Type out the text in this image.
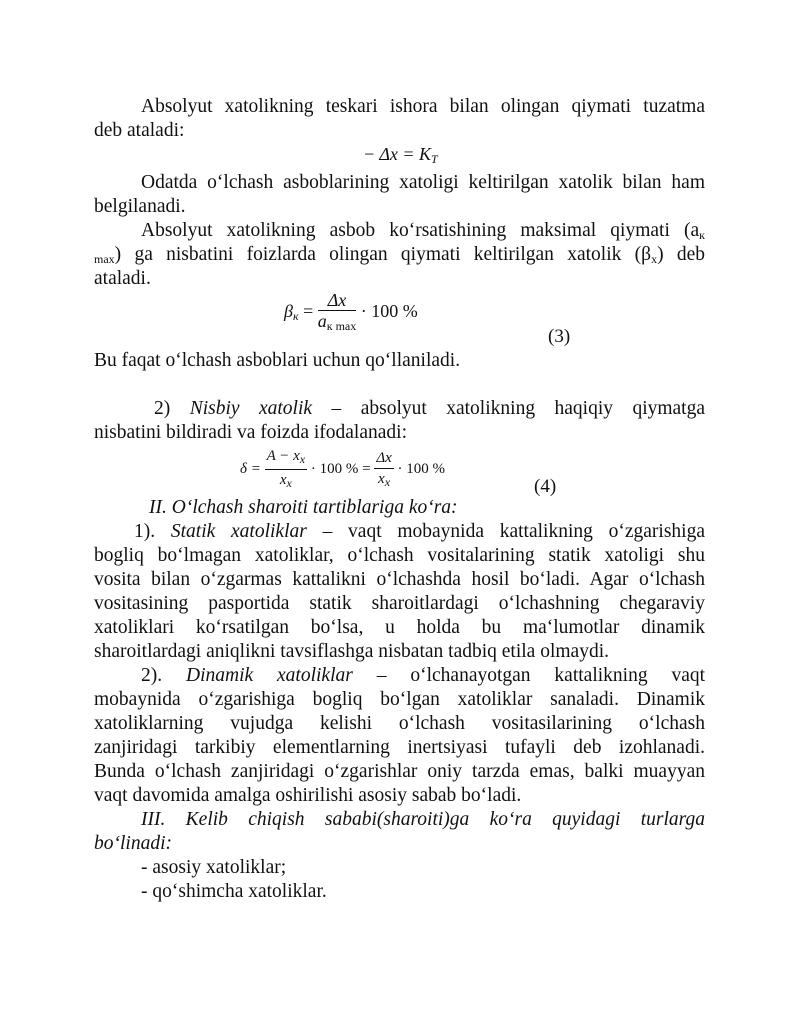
Absolyut xatolikning teskari ishora bilan olingan qiymati tuzatma
deb ataladi:
− $\Delta x = K_T$
Odatda o‘lchash asboblarining xatoligi keltirilgan xatolik bilan ham
belgilanadi.
Absolyut xatolikning asbob ko‘rsatishining maksimal qiymati ($a_к$
$_{max}$) ga nisbatini foizlarda olingan qiymati keltirilgan xatolik $(\beta_x)$ deb
ataladi.
$\beta_к = \frac{\Delta x}{a_{к max}} \cdot 100$ %
(3)
Bu faqat o‘lchash asboblari uchun qo‘llaniladi.
2) Nisbiy xatolik – absolyut xatolikning haqiqiy qiymatga
nisbatini bildiradi va foizda ifodalanadi:
$\delta = \frac{A - x_x}{x_x} \cdot 100$ % = $\frac{\Delta x}{x_x} \cdot 100$ %
(4)
II. O‘lchash sharoiti tartiblariga ko‘ra:
1). Statik xatoliklar – vaqt mobaynida kattalikning o‘zgarishiga
bogliq bo‘lmagan xatoliklar, o‘lchash vositalarining statik xatoligi shu
vosita bilan o‘zgarmas kattalikni o‘lchashda hosil bo‘ladi. Agar o‘lchash
vositasining pasportida statik sharoitlardagi o‘lchashning chegaraviy
xatoliklari ko‘rsatilgan bo‘lsa, u holda bu ma‘lumotlar dinamik
sharoitlardagi aniqlikni tavsiflashga nisbatan tadbiq etila olmaydi.
2). Dinamik xatoliklar – o‘lchanayotgan kattalikning vaqt
mobaynida o‘zgarishiga bogliq bo‘lgan xatoliklar sanaladi. Dinamik
xatoliklarning vujudga kelishi o‘lchash vositasilarining o‘lchash
zanjiridagi tarkibiy elementlarning inertsiyasi tufayli deb izohlanadi.
Bunda o‘lchash zanjiridagi o‘zgarishlar oniy tarzda emas, balki muayyan
vaqt davomida amalga oshirilishi asosiy sabab bo‘ladi.
III. Kelib chiqish sababi(sharoiti)ga ko‘ra quyidagi turlarga
bo‘linadi:
- asosiy xatoliklar;
- qo‘shimcha xatoliklar.
